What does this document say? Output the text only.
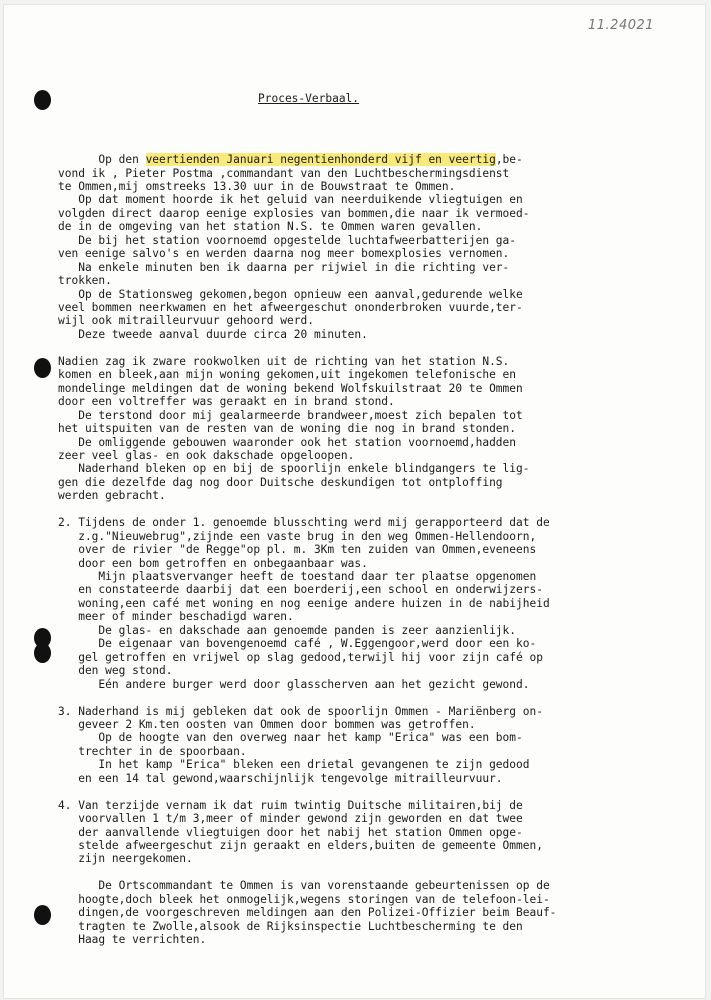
11.24021
Proces-Verbaal.
Op den veertienden Januari negentienhonderd vijf en veertig,be-
vond ik , Pieter Postma ,commandant van den Luchtbeschermingsdienst
te Ommen,mij omstreeks 13.30 uur in de Bouwstraat te Ommen.
Op dat moment hoorde ik het geluid van neerduikende vliegtuigen en
volgden direct daarop eenige explosies van bommen,die naar ik vermoed-
de in de omgeving van het station N.S. te Ommen waren gevallen.
De bij het station voornoemd opgestelde luchtafweerbatterijen ga-
ven eenige salvo's en werden daarna nog meer bomexplosies vernomen.
Na enkele minuten ben ik daarna per rijwiel in die richting ver-
trokken.
Op de Stationsweg gekomen,begon opnieuw een aanval,gedurende welke
veel bommen neerkwamen en het afweergeschut ononderbroken vuurde,ter-
wijl ook mitrailleurvuur gehoord werd.
Deze tweede aanval duurde circa 20 minuten.
Nadien zag ik zware rookwolken uit de richting van het station N.S.
komen en bleek,aan mijn woning gekomen,uit ingekomen telefonische en
mondelinge meldingen dat de woning bekend Wolfskuilstraat 20 te Ommen
door een voltreffer was geraakt en in brand stond.
De terstond door mij gealarmeerde brandweer,moest zich bepalen tot
het uitspuiten van de resten van de woning die nog in brand stonden.
De omliggende gebouwen waaronder ook het station voornoemd,hadden
zeer veel glas- en ook dakschade opgeloopen.
Naderhand bleken op en bij de spoorlijn enkele blindgangers te lig-
gen die dezelfde dag nog door Duitsche deskundigen tot ontploffing
werden gebracht.
2. Tijdens de onder 1. genoemde blusschting werd mij gerapporteerd dat de
z.g."Nieuwebrug",zijnde een vaste brug in den weg Ommen-Hellendoorn,
over de rivier "de Regge"op pl. m. 3Km ten zuiden van Ommen,eveneens
door een bom getroffen en onbegaanbaar was.
Mijn plaatsvervanger heeft de toestand daar ter plaatse opgenomen
en constateerde daarbij dat een boerderij,een school en onderwijzers-
woning,een café met woning en nog eenige andere huizen in de nabijheid
meer of minder beschadigd waren.
De glas- en dakschade aan genoemde panden is zeer aanzienlijk.
De eigenaar van bovengenoemd café , W.Eggengoor,werd door een ko-
gel getroffen en vrijwel op slag gedood,terwijl hij voor zijn café op
den weg stond.
Eén andere burger werd door glasscherven aan het gezicht gewond.
3. Naderhand is mij gebleken dat ook de spoorlijn Ommen - Mariënberg on-
geveer 2 Km.ten oosten van Ommen door bommen was getroffen.
Op de hoogte van den overweg naar het kamp "Erica" was een bom-
trechter in de spoorbaan.
In het kamp "Erica" bleken een drietal gevangenen te zijn gedood
en een 14 tal gewond,waarschijnlijk tengevolge mitrailleurvuur.
4. Van terzijde vernam ik dat ruim twintig Duitsche militairen,bij de
voorvallen 1 t/m 3,meer of minder gewond zijn geworden en dat twee
der aanvallende vliegtuigen door het nabij het station Ommen opge-
stelde afweergeschut zijn geraakt en elders,buiten de gemeente Ommen,
zijn neergekomen.
De Ortscommandant te Ommen is van vorenstaande gebeurtenissen op de
hoogte,doch bleek het onmogelijk,wegens storingen van de telefoon-lei-
dingen,de voorgeschreven meldingen aan den Polizei-Offizier beim Beauf-
tragten te Zwolle,alsook de Rijksinspectie Luchtbescherming te den
Haag te verrichten.
